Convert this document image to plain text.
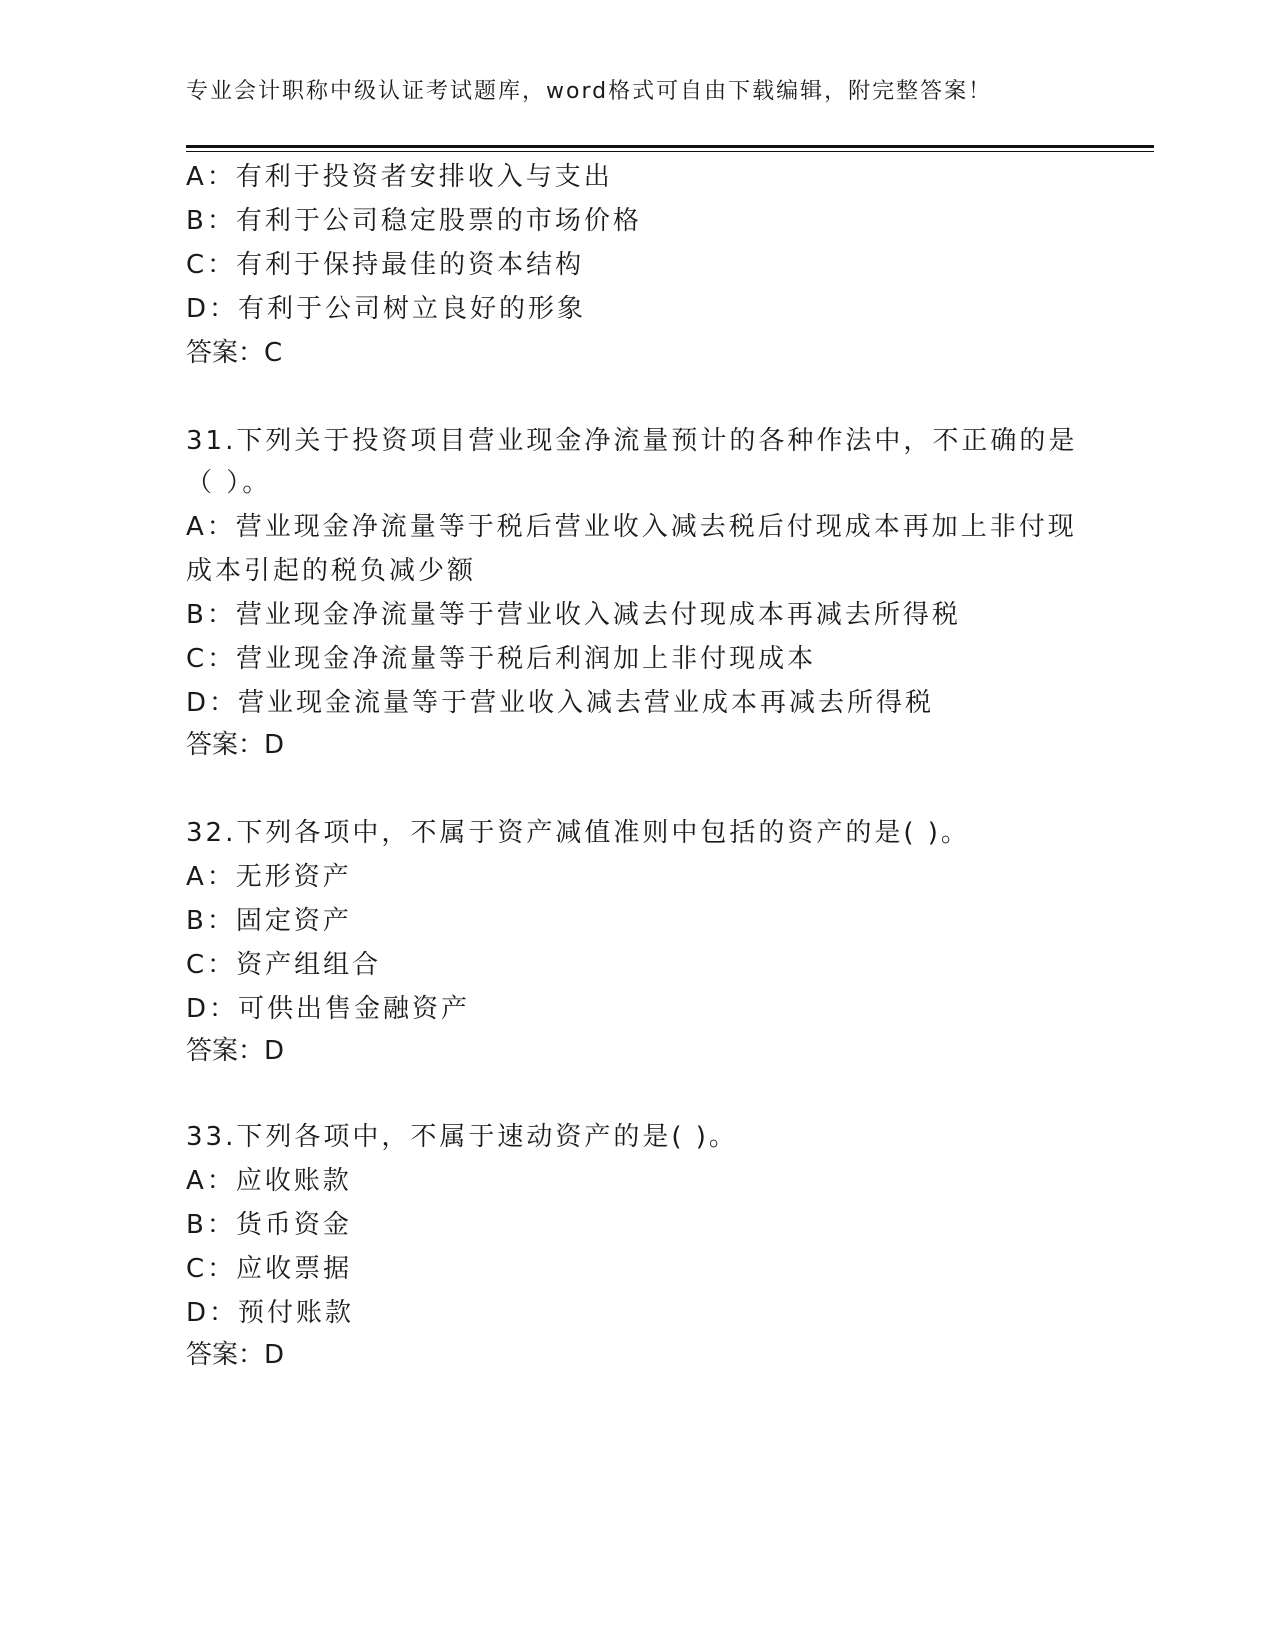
专业会计职称中级认证考试题库，word格式可自由下载编辑，附完整答案！
A：有利于投资者安排收入与支出
B：有利于公司稳定股票的市场价格
C：有利于保持最佳的资本结构
D：有利于公司树立良好的形象
答案：C
31.下列关于投资项目营业现金净流量预计的各种作法中，不正确的是
（ ）。
A：营业现金净流量等于税后营业收入减去税后付现成本再加上非付现
成本引起的税负减少额
B：营业现金净流量等于营业收入减去付现成本再减去所得税
C：营业现金净流量等于税后利润加上非付现成本
D：营业现金流量等于营业收入减去营业成本再减去所得税
答案：D
32.下列各项中，不属于资产减值准则中包括的资产的是( )。
A：无形资产
B：固定资产
C：资产组组合
D：可供出售金融资产
答案：D
33.下列各项中，不属于速动资产的是( )。
A：应收账款
B：货币资金
C：应收票据
D：预付账款
答案：D
